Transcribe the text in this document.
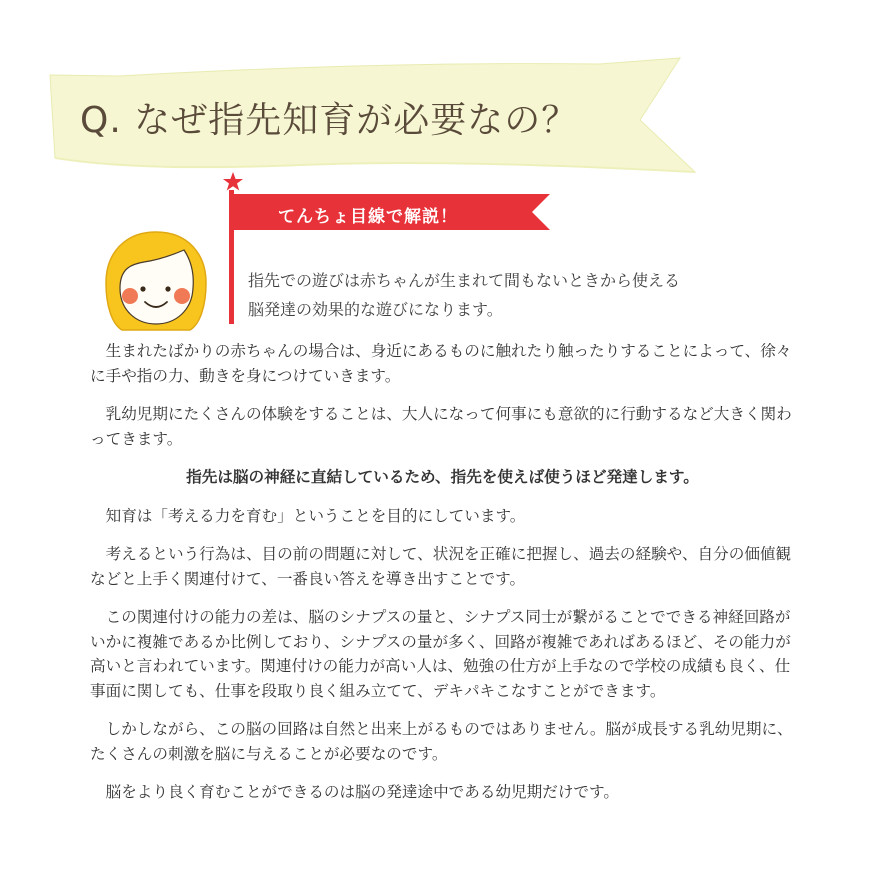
Q. なぜ指先知育が必要なの？
てんちょ目線で解説！

指先での遊びは赤ちゃんが生まれて間もないときから使える

脳発達の効果的な遊びになります。

生まれたばかりの赤ちゃんの場合は、身近にあるものに触れたり触ったりすることによって、徐々に手や指の力、動きを身につけていきます。

乳幼児期にたくさんの体験をすることは、大人になって何事にも意欲的に行動するなど大きく関わってきます。

指先は脳の神経に直結しているため、指先を使えば使うほど発達します。

知育は「考える力を育む」ということを目的にしています。

考えるという行為は、目の前の問題に対して、状況を正確に把握し、過去の経験や、自分の価値観などと上手く関連付けて、一番良い答えを導き出すことです。

この関連付けの能力の差は、脳のシナプスの量と、シナプス同士が繋がることでできる神経回路がいかに複雑であるか比例しており、シナプスの量が多く、回路が複雑であればあるほど、その能力が高いと言われています。関連付けの能力が高い人は、勉強の仕方が上手なので学校の成績も良く、仕事面に関しても、仕事を段取り良く組み立てて、デキパキこなすことができます。

しかしながら、この脳の回路は自然と出来上がるものではありません。脳が成長する乳幼児期に、たくさんの刺激を脳に与えることが必要なのです。

脳をより良く育むことができるのは脳の発達途中である幼児期だけです。
